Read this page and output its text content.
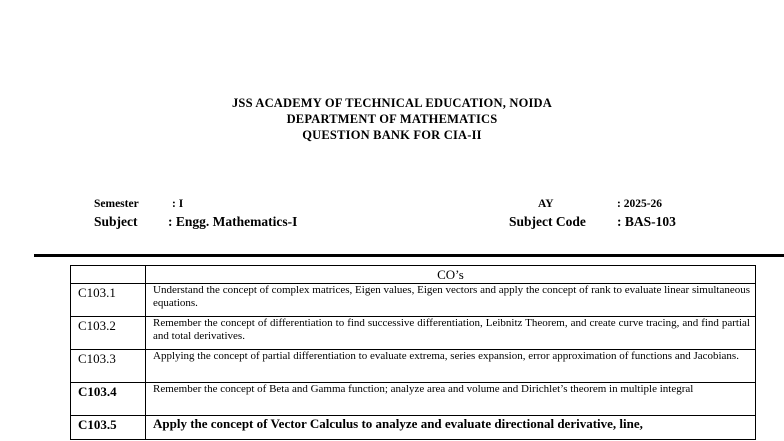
JSS ACADEMY OF TECHNICAL EDUCATION, NOIDA
DEPARTMENT OF MATHEMATICS
QUESTION BANK FOR CIA-II
Semester	: I
Subject : Engg. Mathematics-I
AY	: 2025-26
Subject Code : BAS-103
	CO’s
C103.1	Understand the concept of complex matrices, Eigen values, Eigen vectors and apply the concept of rank to evaluate linear simultaneous equations.
C103.2	Remember the concept of differentiation to find successive differentiation, Leibnitz Theorem, and create curve tracing, and find partial and total derivatives.
C103.3	Applying the concept of partial differentiation to evaluate extrema, series expansion, error approximation of functions and Jacobians.
C103.4	Remember the concept of Beta and Gamma function; analyze area and volume and Dirichlet’s theorem in multiple integral
C103.5	Apply the concept of Vector Calculus to analyze and evaluate directional derivative, line,
